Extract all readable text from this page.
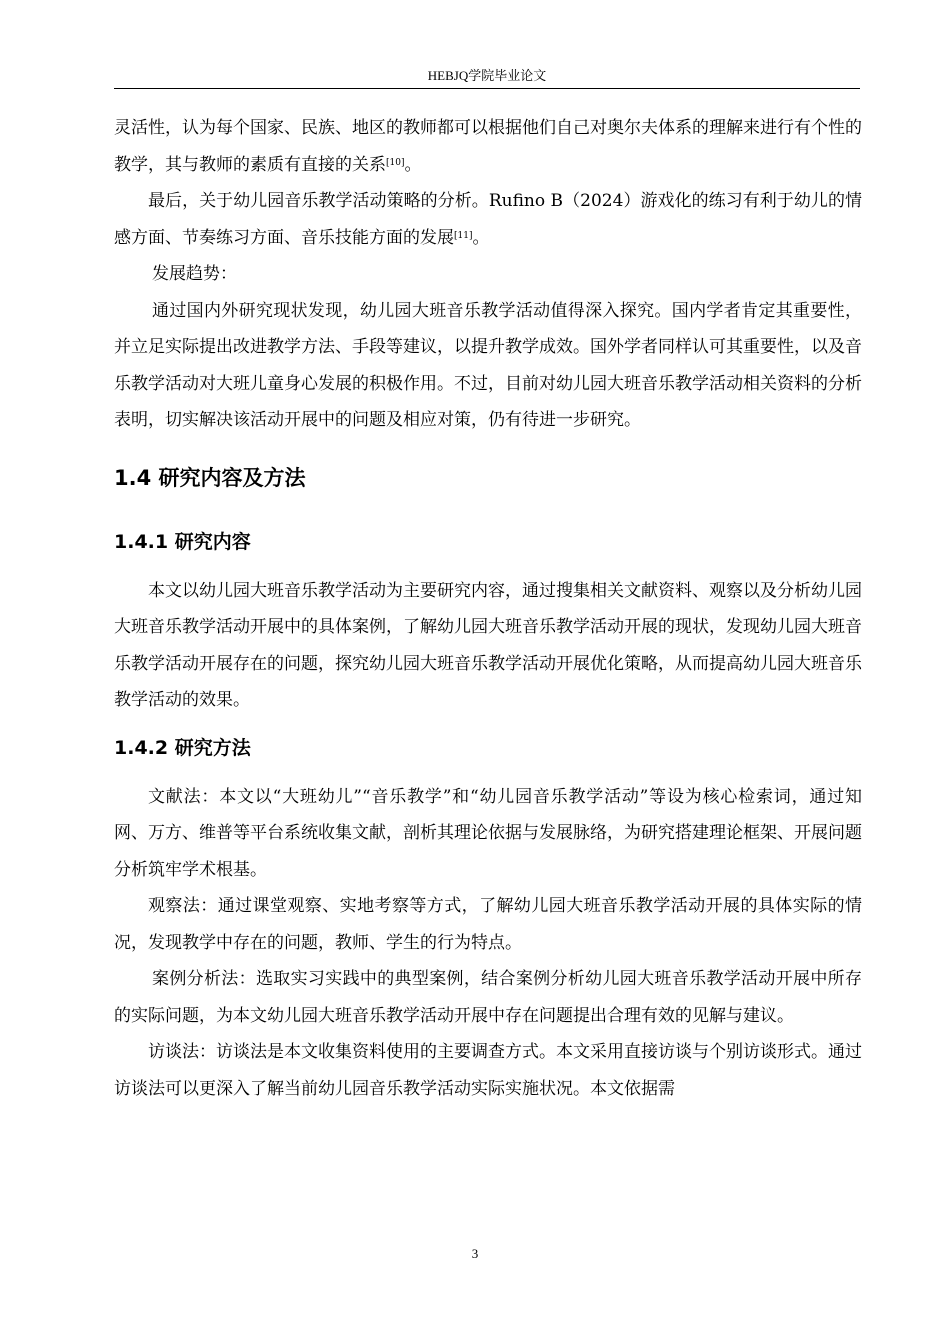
HEBJQ学院毕业论文

灵活性，认为每个国家、民族、地区的教师都可以根据他们自己对奥尔夫体系的理解来进行有个性的教学，其与教师的素质有直接的关系[10]。

最后，关于幼儿园音乐教学活动策略的分析。Rufino B（2024）游戏化的练习有利于幼儿的情感方面、节奏练习方面、音乐技能方面的发展[11]。

发展趋势：

通过国内外研究现状发现，幼儿园大班音乐教学活动值得深入探究。国内学者肯定其重要性，并立足实际提出改进教学方法、手段等建议，以提升教学成效。国外学者同样认可其重要性，以及音乐教学活动对大班儿童身心发展的积极作用。不过，目前对幼儿园大班音乐教学活动相关资料的分析表明，切实解决该活动开展中的问题及相应对策，仍有待进一步研究。

1.4 研究内容及方法
1.4.1 研究内容

本文以幼儿园大班音乐教学活动为主要研究内容，通过搜集相关文献资料、观察以及分析幼儿园大班音乐教学活动开展中的具体案例，了解幼儿园大班音乐教学活动开展的现状，发现幼儿园大班音乐教学活动开展存在的问题，探究幼儿园大班音乐教学活动开展优化策略，从而提高幼儿园大班音乐教学活动的效果。

1.4.2 研究方法

文献法：本文以“大班幼儿”“音乐教学”和“幼儿园音乐教学活动”等设为核心检索词，通过知网、万方、维普等平台系统收集文献，剖析其理论依据与发展脉络，为研究搭建理论框架、开展问题分析筑牢学术根基。

观察法：通过课堂观察、实地考察等方式，了解幼儿园大班音乐教学活动开展的具体实际的情况，发现教学中存在的问题，教师、学生的行为特点。

案例分析法：选取实习实践中的典型案例，结合案例分析幼儿园大班音乐教学活动开展中所存的实际问题，为本文幼儿园大班音乐教学活动开展中存在问题提出合理有效的见解与建议。

访谈法：访谈法是本文收集资料使用的主要调查方式。本文采用直接访谈与个别访谈形式。通过访谈法可以更深入了解当前幼儿园音乐教学活动实际实施状况。本文依据需

3
